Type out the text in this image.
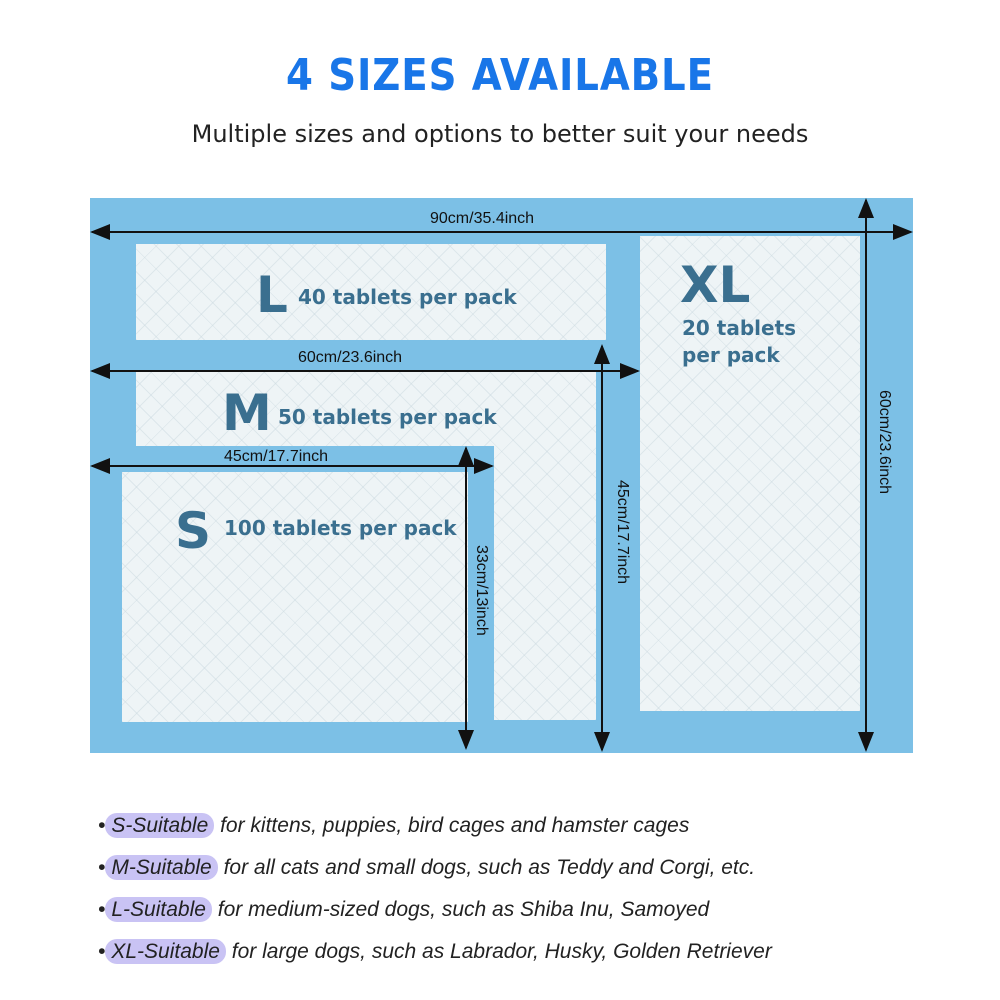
4 SIZES AVAILABLE
Multiple sizes and options to better suit your needs
XL
20 tablets
per pack
L 40 tablets per pack
M 50 tablets per pack
S 100 tablets per pack
90cm/35.4inch
60cm/23.6inch
60cm/23.6inch
45cm/17.7inch
45cm/17.7inch
33cm/13inch
• S-Suitable for kittens, puppies, bird cages and hamster cages
• M-Suitable for all cats and small dogs, such as Teddy and Corgi, etc.
• L-Suitable for medium-sized dogs, such as Shiba Inu, Samoyed
• XL-Suitable for large dogs, such as Labrador, Husky, Golden Retriever
